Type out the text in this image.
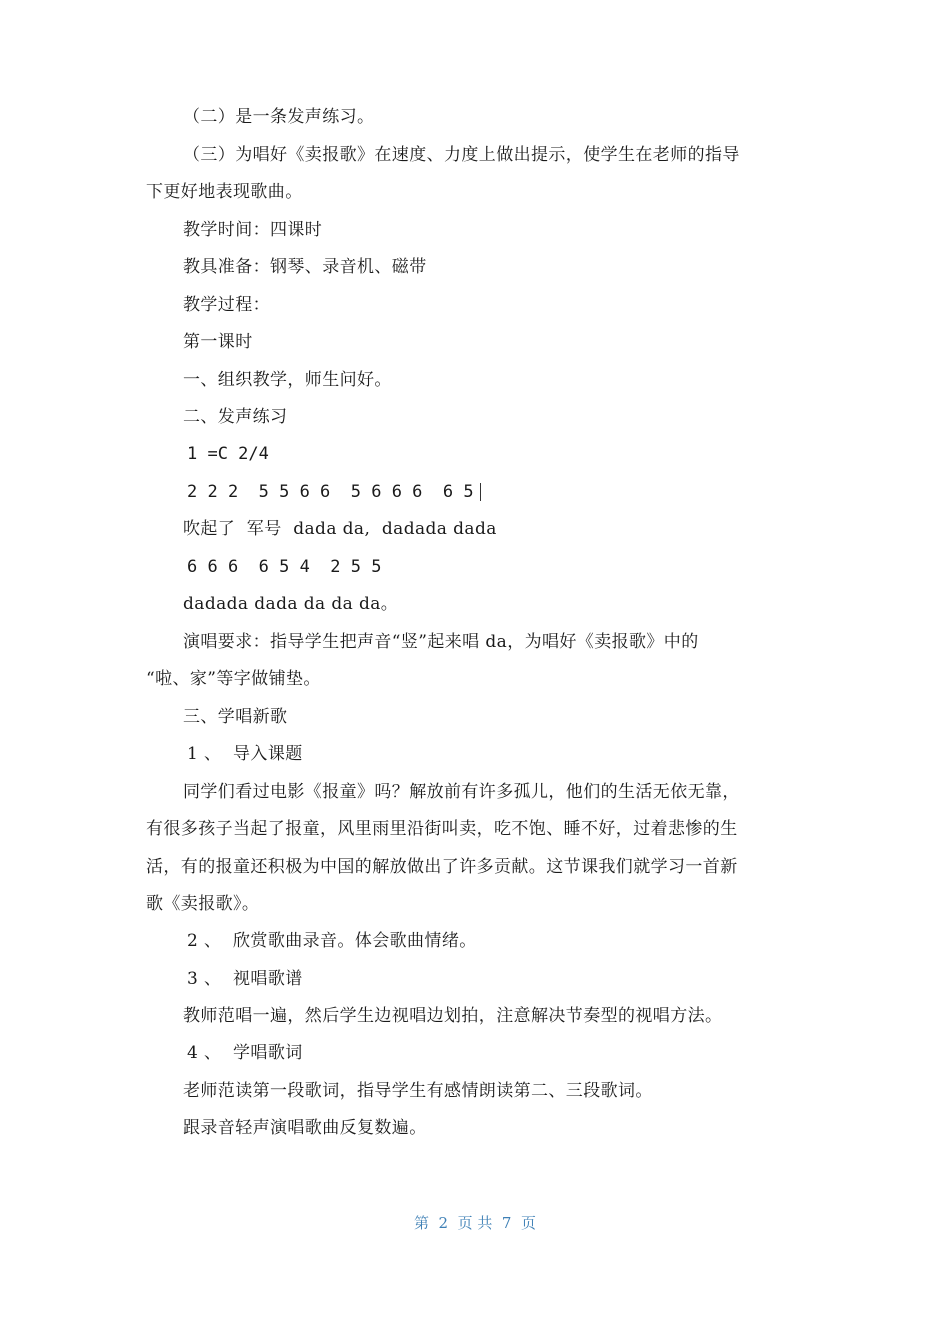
（二）是一条发声练习。
（三）为唱好《卖报歌》在速度、力度上做出提示，使学生在老师的指导
下更好地表现歌曲。
教学时间：四课时
教具准备：钢琴、录音机、磁带
教学过程：
第一课时
一、组织教学，师生问好。
二、发声练习
1 =C 2/4
2 2 2  5 5 6 6  5 6 6 6  6 5
吹起了  军号  dada da,  dadada dada
6 6 6  6 5 4  2 5 5
dadada dada da da da。
演唱要求：指导学生把声音“竖”起来唱 da，为唱好《卖报歌》中的
“啦、家”等字做铺垫。
三、学唱新歌
1 、  导入课题
同学们看过电影《报童》吗？解放前有许多孤儿，他们的生活无依无靠，
有很多孩子当起了报童，风里雨里沿街叫卖，吃不饱、睡不好，过着悲惨的生
活，有的报童还积极为中国的解放做出了许多贡献。这节课我们就学习一首新
歌《卖报歌》。
2 、  欣赏歌曲录音。体会歌曲情绪。
3 、  视唱歌谱
教师范唱一遍，然后学生边视唱边划拍，注意解决节奏型的视唱方法。
4 、  学唱歌词
老师范读第一段歌词，指导学生有感情朗读第二、三段歌词。
跟录音轻声演唱歌曲反复数遍。
第  2  页 共  7  页
